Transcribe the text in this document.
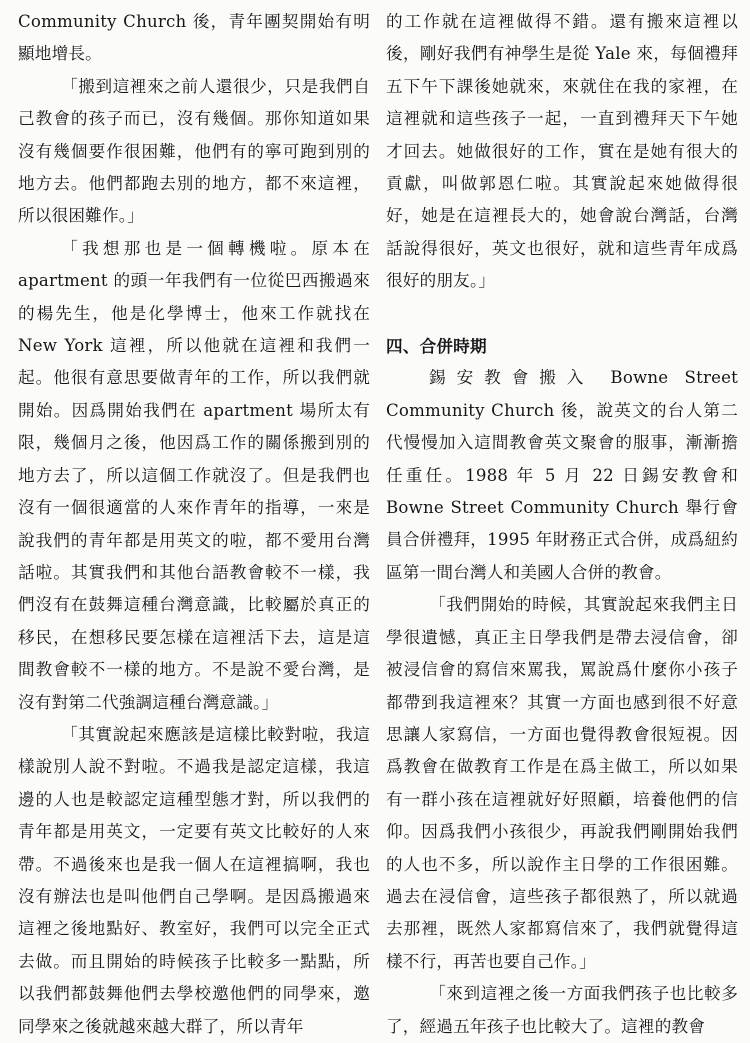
Community Church 後，青年團契開始有明顯地增長。

「搬到這裡來之前人還很少，只是我們自己教會的孩子而已，沒有幾個。那你知道如果沒有幾個要作很困難，他們有的寧可跑到別的地方去。他們都跑去別的地方，都不來這裡，所以很困難作。」

「我想那也是一個轉機啦。原本在 apartment 的頭一年我們有一位從巴西搬過來的楊先生，他是化學博士，他來工作就找在 New York 這裡，所以他就在這裡和我們一起。他很有意思要做青年的工作，所以我們就開始。因爲開始我們在 apartment 場所太有限，幾個月之後，他因爲工作的關係搬到別的地方去了，所以這個工作就沒了。但是我們也沒有一個很適當的人來作青年的指導，一來是說我們的青年都是用英文的啦，都不愛用台灣話啦。其實我們和其他台語教會較不一樣，我們沒有在鼓舞這種台灣意識，比較屬於真正的移民，在想移民要怎樣在這裡活下去，這是這間教會較不一樣的地方。不是說不愛台灣，是沒有對第二代強調這種台灣意識。」

「其實說起來應該是這樣比較對啦，我這樣說別人說不對啦。不過我是認定這樣，我這邊的人也是較認定這種型態才對，所以我們的青年都是用英文，一定要有英文比較好的人來帶。不過後來也是我一個人在這裡搞啊，我也沒有辦法也是叫他們自己學啊。是因爲搬過來這裡之後地點好、教室好，我們可以完全正式去做。而且開始的時候孩子比較多一點點，所以我們都鼓舞他們去學校邀他們的同學來，邀同學來之後就越來越大群了，所以青年

的工作就在這裡做得不錯。還有搬來這裡以後，剛好我們有神學生是從 Yale 來，每個禮拜五下午下課後她就來，來就住在我的家裡，在這裡就和這些孩子一起，一直到禮拜天下午她才回去。她做很好的工作，實在是她有很大的貢獻，叫做郭恩仁啦。其實說起來她做得很好，她是在這裡長大的，她會說台灣話，台灣話說得很好，英文也很好，就和這些青年成爲很好的朋友。」

四、合併時期

錫安教會搬入 Bowne Street Community Church 後，說英文的台人第二代慢慢加入這間教會英文聚會的服事，漸漸擔任重任。1988 年 5 月 22 日錫安教會和 Bowne Street Community Church 舉行會員合併禮拜，1995 年財務正式合併，成爲紐約區第一間台灣人和美國人合併的教會。

「我們開始的時候，其實說起來我們主日學很遺憾，真正主日學我們是帶去浸信會，卻被浸信會的寫信來罵我，罵說爲什麼你小孩子都帶到我這裡來？其實一方面也感到很不好意思讓人家寫信，一方面也覺得教會很短視。因爲教會在做教育工作是在爲主做工，所以如果有一群小孩在這裡就好好照顧，培養他們的信仰。因爲我們小孩很少，再說我們剛開始我們的人也不多，所以說作主日學的工作很困難。過去在浸信會，這些孩子都很熟了，所以就過去那裡，既然人家都寫信來了，我們就覺得這樣不行，再苦也要自己作。」

「來到這裡之後一方面我們孩子也比較多了，經過五年孩子也比較大了。這裡的教會
